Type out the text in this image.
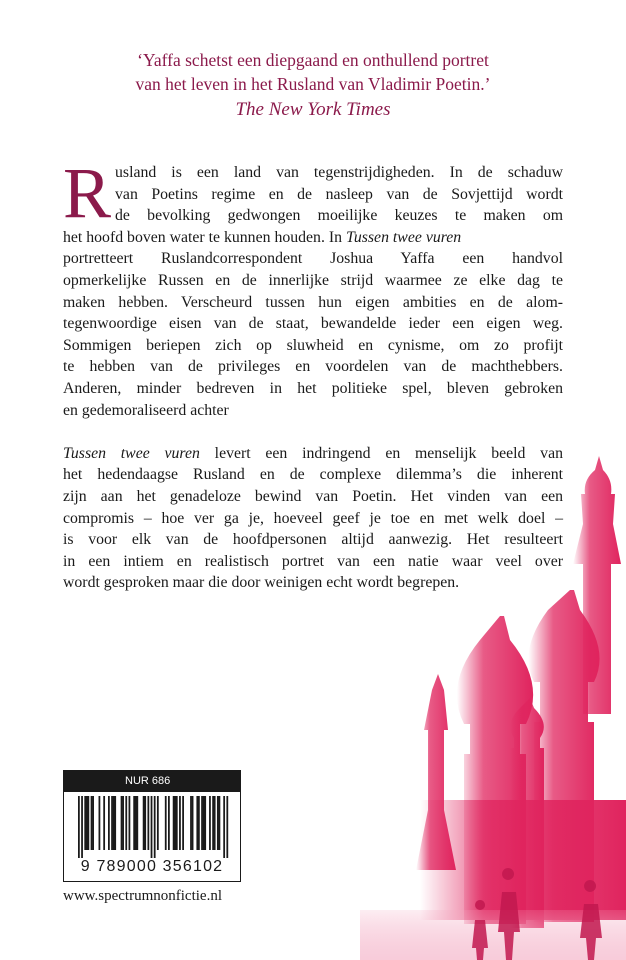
‘Yaffa schetst een diepgaand en onthullend portret
van het leven in het Rusland van Vladimir Poetin.’
The New York Times

R usland is een land van tegenstrijdigheden. In de schaduw
van Poetins regime en de nasleep van de Sovjettijd wordt
de bevolking gedwongen moeilijke keuzes te maken om
het hoofd boven water te kunnen houden. In Tussen twee vuren
portretteert Ruslandcorrespondent Joshua Yaffa een handvol
opmerkelijke Russen en de innerlijke strijd waarmee ze elke dag te
maken hebben. Verscheurd tussen hun eigen ambities en de alom-
tegenwoordige eisen van de staat, bewandelde ieder een eigen weg.
Sommigen beriepen zich op sluwheid en cynisme, om zo profijt
te hebben van de privileges en voordelen van de machthebbers.
Anderen, minder bedreven in het politieke spel, bleven gebroken
en gedemoraliseerd achter

Tussen twee vuren levert een indringend en menselijk beeld van
het hedendaagse Rusland en de complexe dilemma’s die inherent
zijn aan het genadeloze bewind van Poetin. Het vinden van een
compromis – hoe ver ga je, hoeveel geef je toe en met welk doel –
is voor elk van de hoofdpersonen altijd aanwezig. Het resulteert
in een intiem en realistisch portret van een natie waar veel over
wordt gesproken maar die door weinigen echt wordt begrepen.

NUR 686
9 789000 356102
www.spectrumnonfictie.nl
